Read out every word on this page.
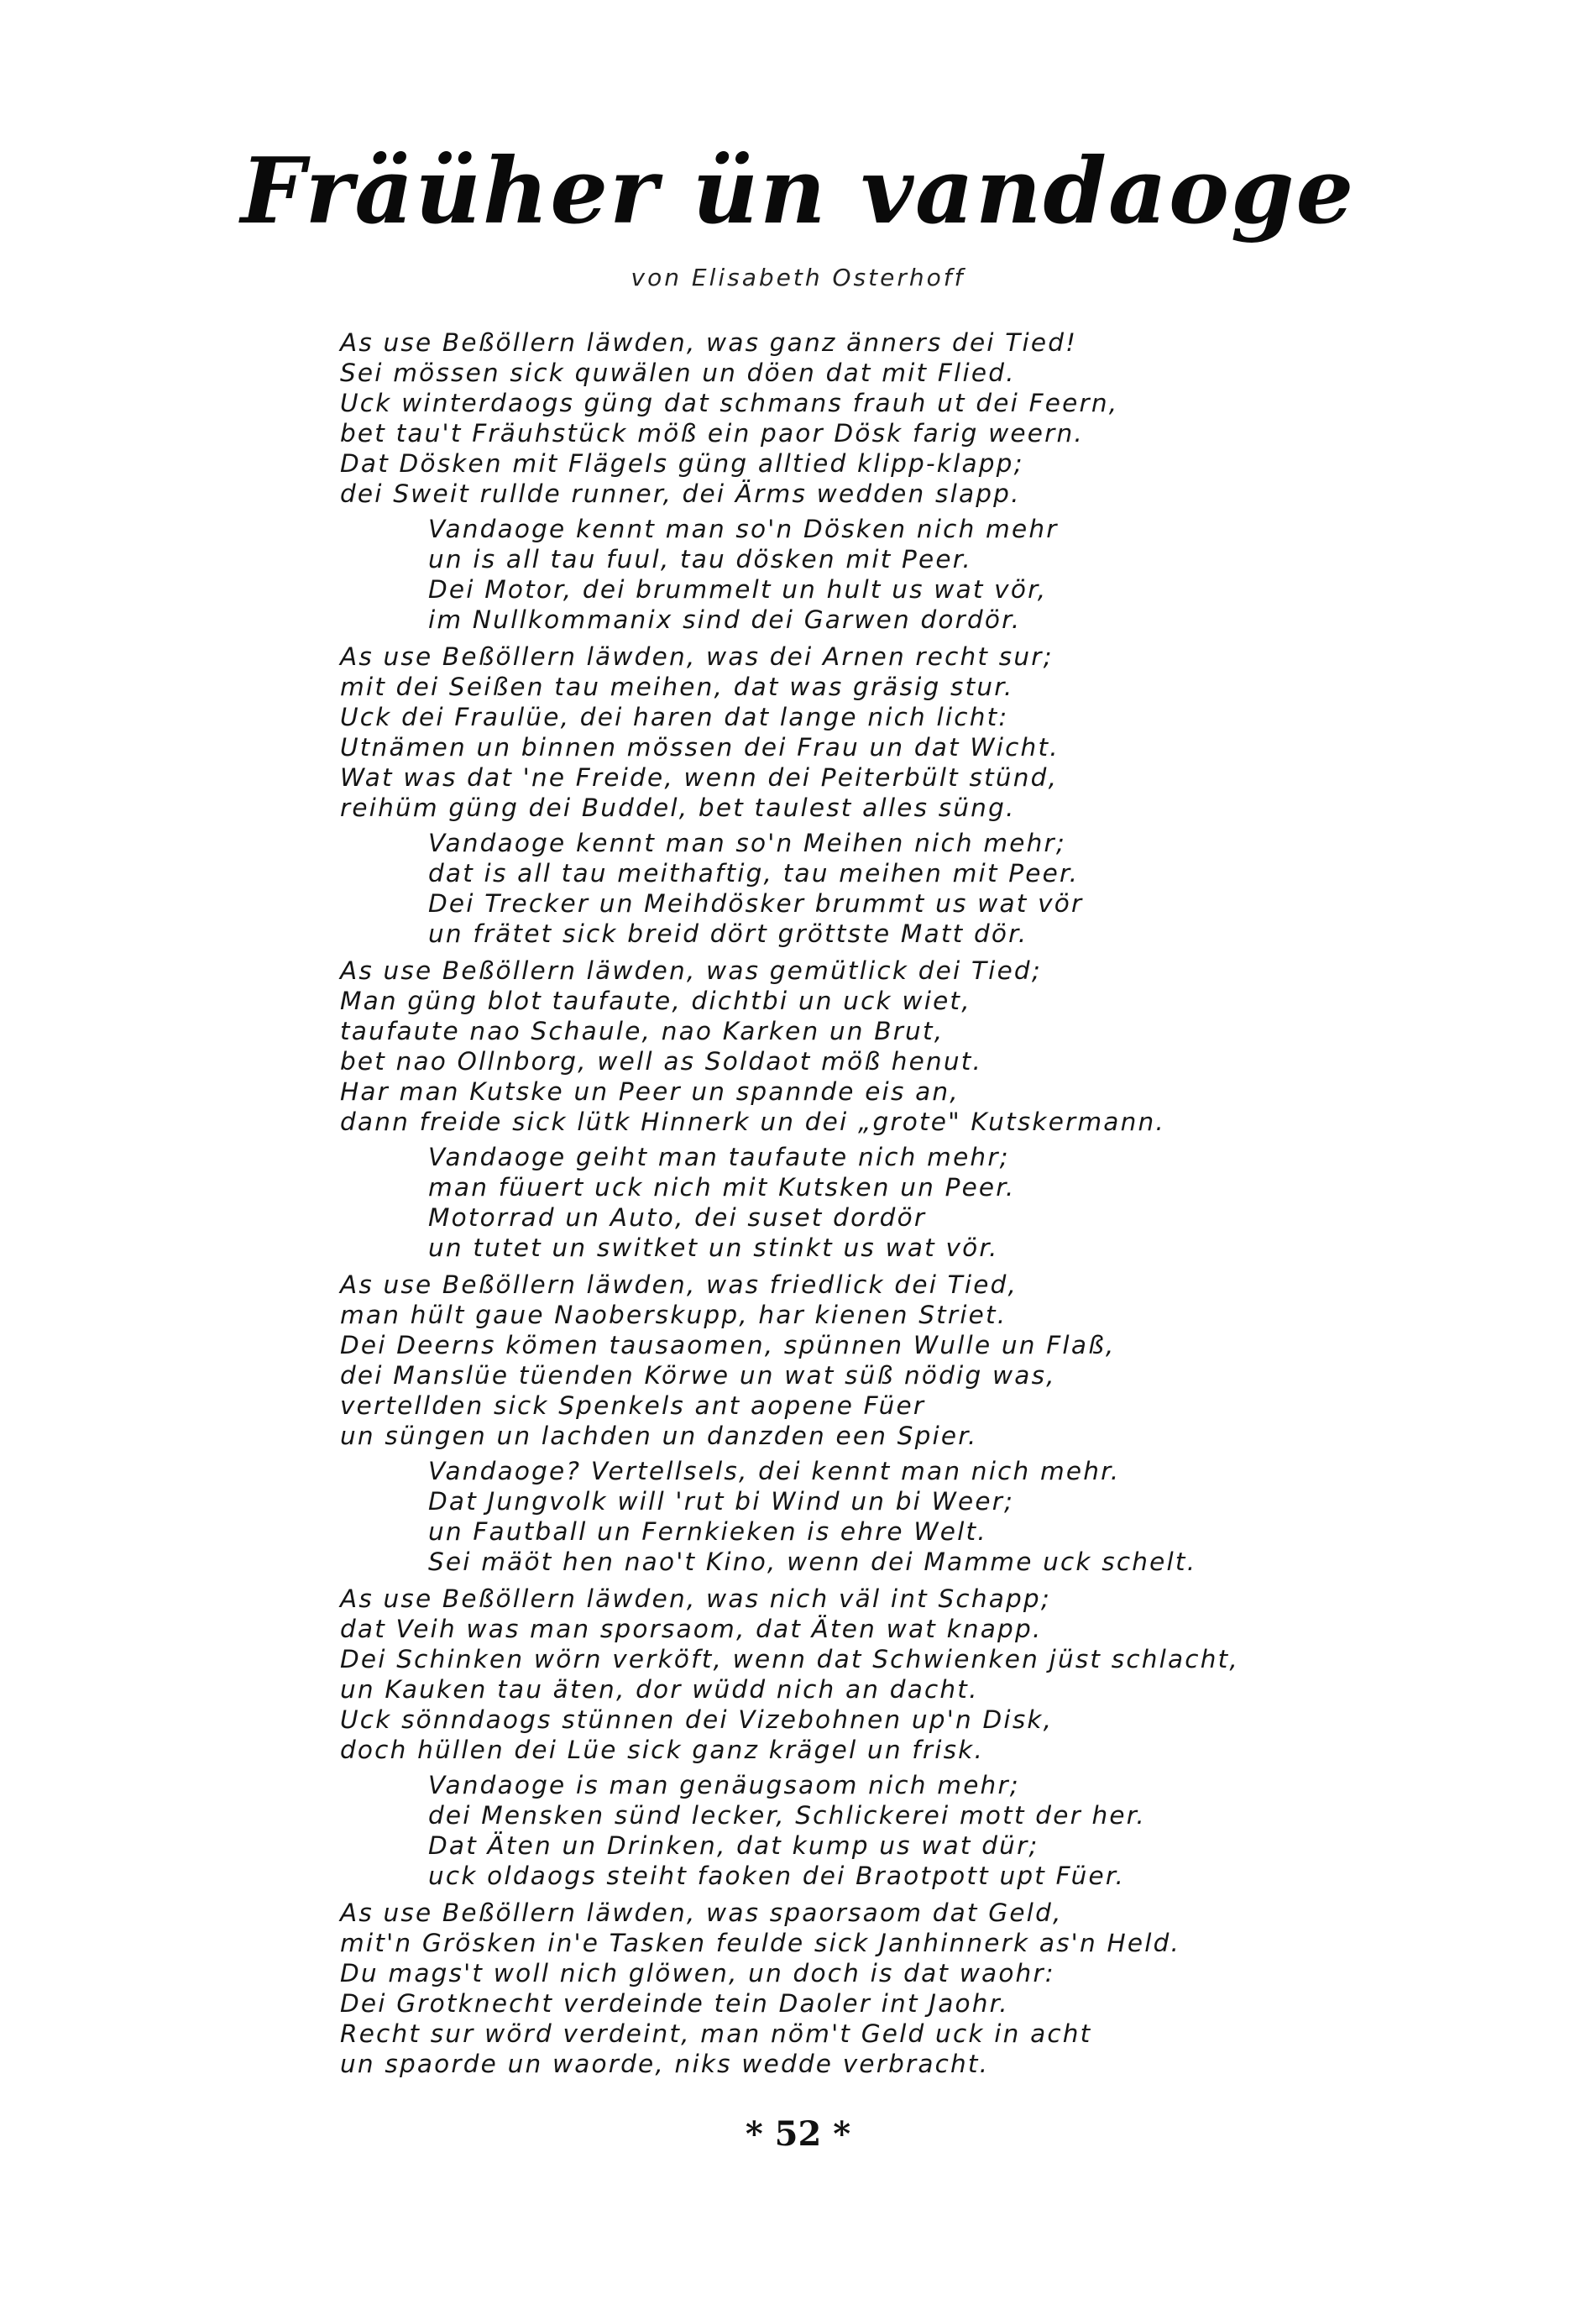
Fräüher ün vandaoge
von Elisabeth Osterhoff
As use Beßöllern läwden, was ganz änners dei Tied!
Sei mössen sick quwälen un döen dat mit Flied.
Uck winterdaogs güng dat schmans frauh ut dei Feern,
bet tau't Fräuhstück möß ein paor Dösk farig weern.
Dat Dösken mit Flägels güng alltied klipp-klapp;
dei Sweit rullde runner, dei Ärms wedden slapp.
Vandaoge kennt man so'n Dösken nich mehr
un is all tau fuul, tau dösken mit Peer.
Dei Motor, dei brummelt un hult us wat vör,
im Nullkommanix sind dei Garwen dordör.
As use Beßöllern läwden, was dei Arnen recht sur;
mit dei Seißen tau meihen, dat was gräsig stur.
Uck dei Fraulüe, dei haren dat lange nich licht:
Utnämen un binnen mössen dei Frau un dat Wicht.
Wat was dat 'ne Freide, wenn dei Peiterbült stünd,
reihüm güng dei Buddel, bet taulest alles süng.
Vandaoge kennt man so'n Meihen nich mehr;
dat is all tau meithaftig, tau meihen mit Peer.
Dei Trecker un Meihdösker brummt us wat vör
un frätet sick breid dört gröttste Matt dör.
As use Beßöllern läwden, was gemütlick dei Tied;
Man güng blot taufaute, dichtbi un uck wiet,
taufaute nao Schaule, nao Karken un Brut,
bet nao Ollnborg, well as Soldaot möß henut.
Har man Kutske un Peer un spannde eis an,
dann freide sick lütk Hinnerk un dei „grote" Kutskermann.
Vandaoge geiht man taufaute nich mehr;
man füuert uck nich mit Kutsken un Peer.
Motorrad un Auto, dei suset dordör
un tutet un switket un stinkt us wat vör.
As use Beßöllern läwden, was friedlick dei Tied,
man hült gaue Naoberskupp, har kienen Striet.
Dei Deerns kömen tausaomen, spünnen Wulle un Flaß,
dei Manslüe tüenden Körwe un wat süß nödig was,
vertellden sick Spenkels ant aopene Füer
un süngen un lachden un danzden een Spier.
Vandaoge? Vertellsels, dei kennt man nich mehr.
Dat Jungvolk will 'rut bi Wind un bi Weer;
un Fautball un Fernkieken is ehre Welt.
Sei mäöt hen nao't Kino, wenn dei Mamme uck schelt.
As use Beßöllern läwden, was nich väl int Schapp;
dat Veih was man sporsaom, dat Äten wat knapp.
Dei Schinken wörn verköft, wenn dat Schwienken jüst schlacht,
un Kauken tau äten, dor wüdd nich an dacht.
Uck sönndaogs stünnen dei Vizebohnen up'n Disk,
doch hüllen dei Lüe sick ganz krägel un frisk.
Vandaoge is man genäugsaom nich mehr;
dei Mensken sünd lecker, Schlickerei mott der her.
Dat Äten un Drinken, dat kump us wat dür;
uck oldaogs steiht faoken dei Braotpott upt Füer.
As use Beßöllern läwden, was spaorsaom dat Geld,
mit'n Grösken in'e Tasken feulde sick Janhinnerk as'n Held.
Du mags't woll nich glöwen, un doch is dat waohr:
Dei Grotknecht verdeinde tein Daoler int Jaohr.
Recht sur wörd verdeint, man nöm't Geld uck in acht
un spaorde un waorde, niks wedde verbracht.
* 52 *
